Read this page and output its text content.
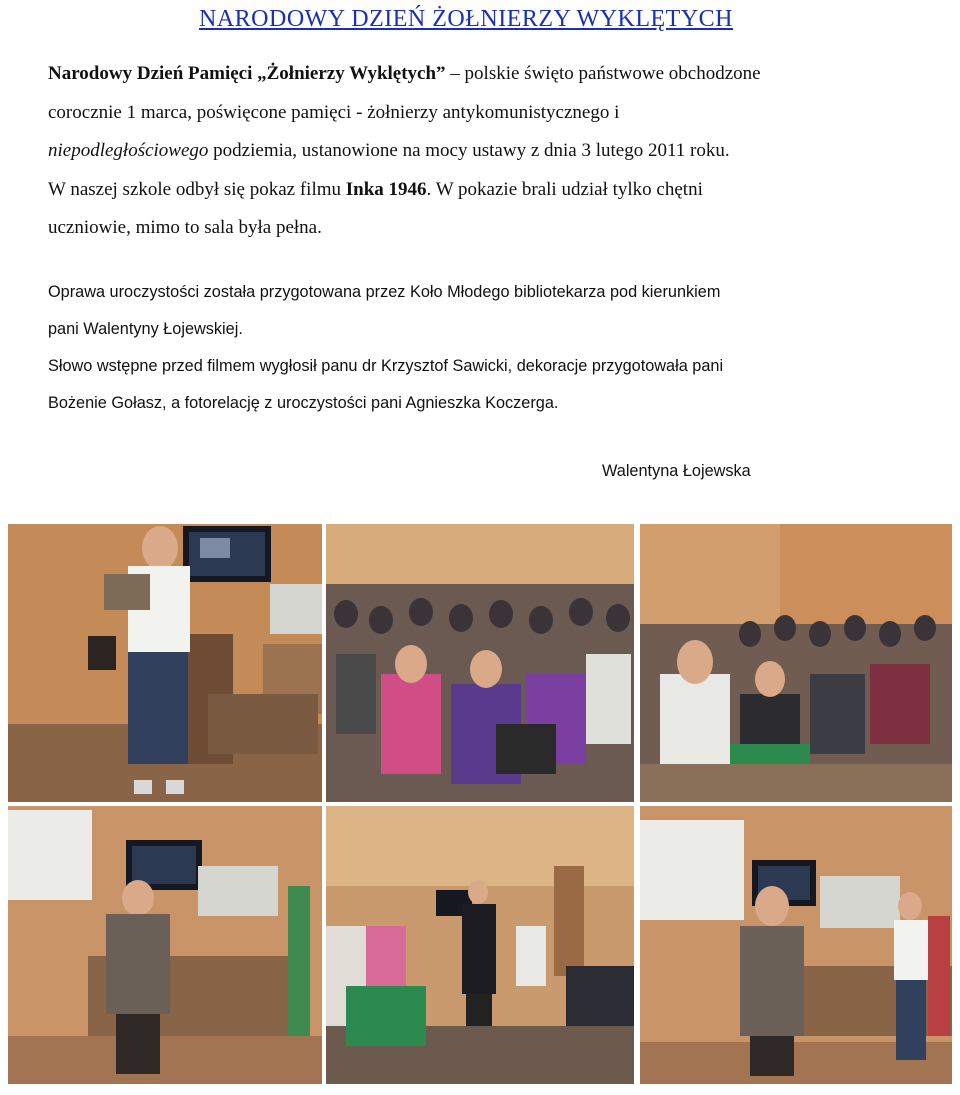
NARODOWY DZIEŃ ŻOŁNIERZY WYKLĘTYCH

Narodowy Dzień Pamięci „Żołnierzy Wyklętych” – polskie święto państwowe obchodzone

corocznie 1 marca, poświęcone pamięci - żołnierzy antykomunistycznego i

niepodległościowego podziemia, ustanowione na mocy ustawy z dnia 3 lutego 2011 roku.

W naszej szkole odbył się pokaz filmu Inka 1946. W pokazie brali udział tylko chętni

uczniowie, mimo to sala była pełna.

Oprawa uroczystości została przygotowana przez Koło Młodego bibliotekarza pod kierunkiem

pani Walentyny Łojewskiej.

Słowo wstępne przed filmem wygłosił panu dr Krzysztof Sawicki, dekoracje przygotowała pani

Bożenie Gołasz, a fotorelację z uroczystości pani Agnieszka Koczerga.

Walentyna Łojewska
